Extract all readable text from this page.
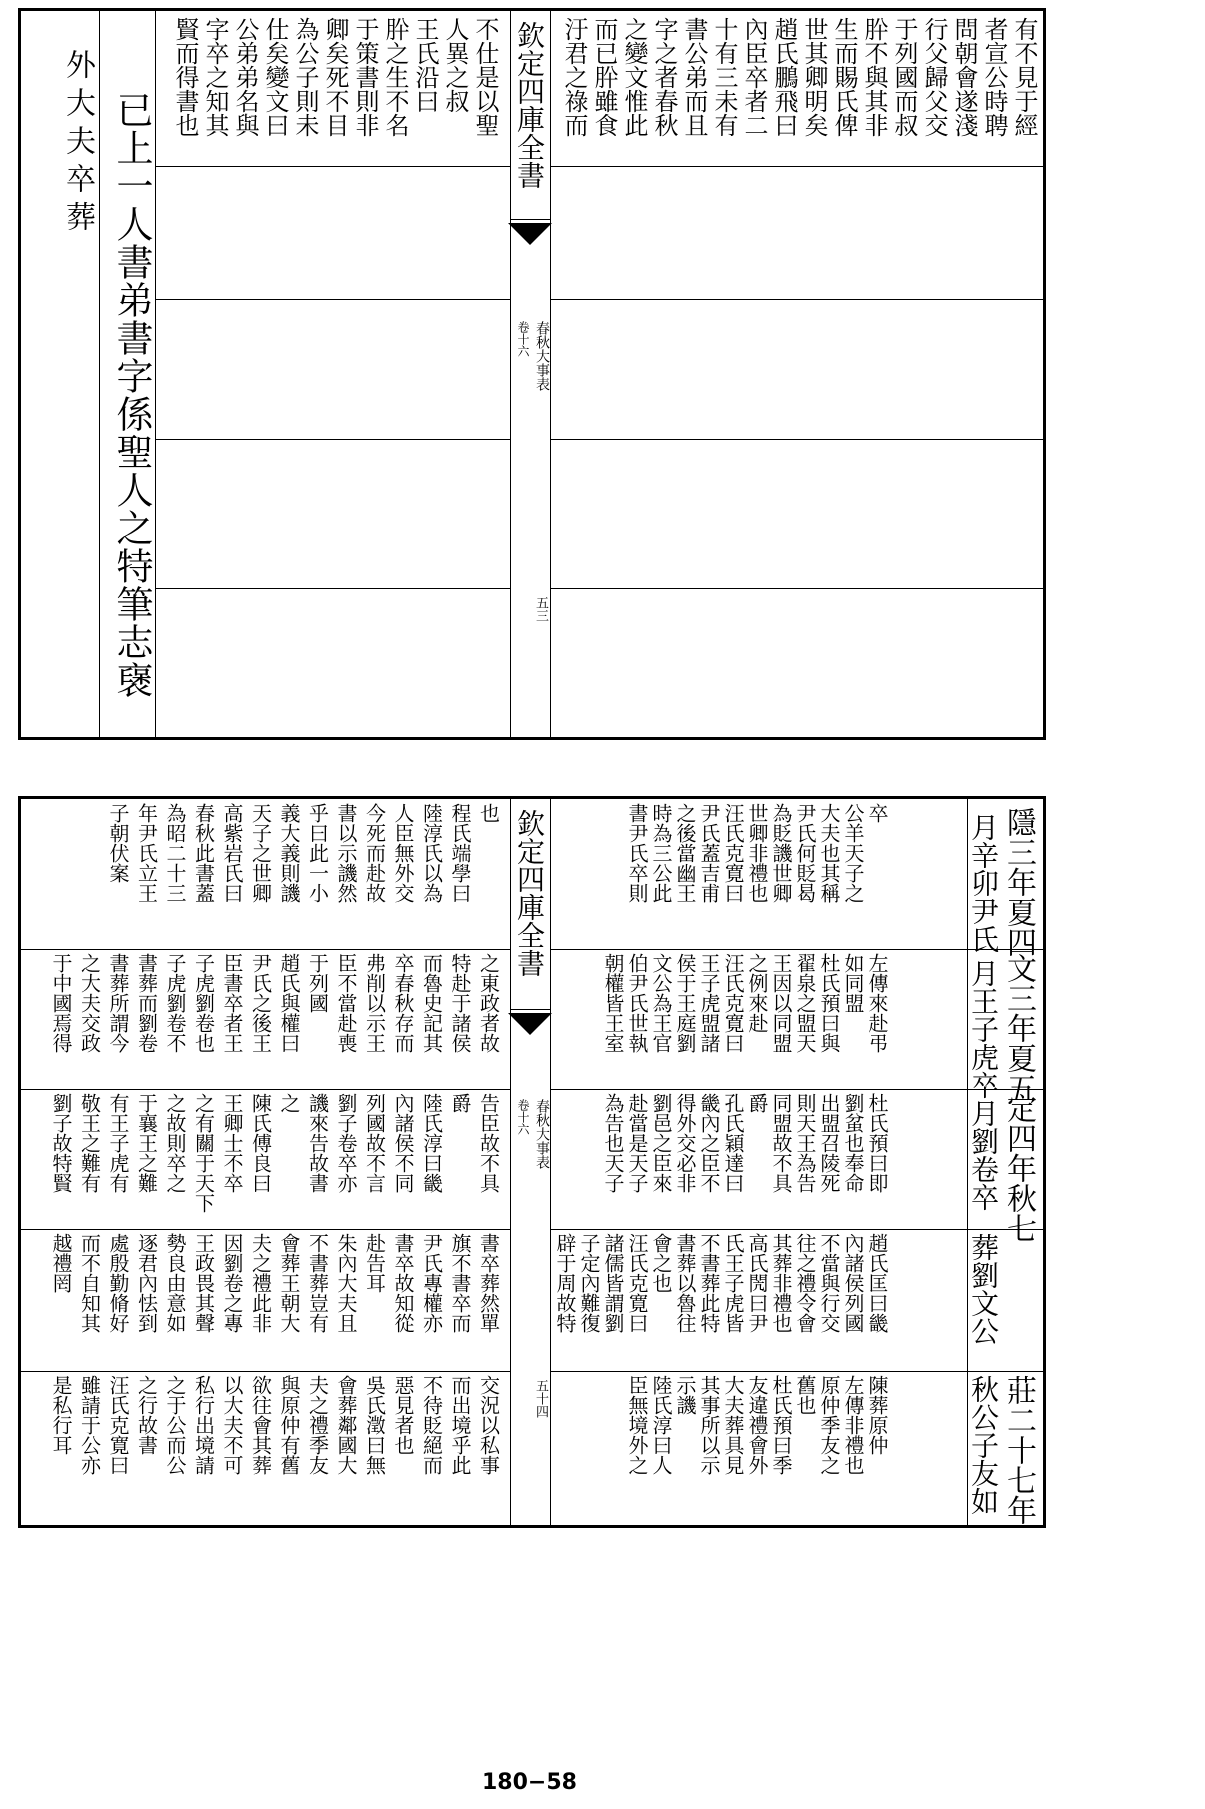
外大夫卒葬 已上一人書弟書字係聖人之特筆志襃
不仕是以聖
人異之叔
王氏沿曰
肸之生不名
于策書則非
卿矣死不目
為公子則未
仕矣變文曰
公弟弟名與
字卒之知其
賢而得書也	欽定四庫全書
春秋大事表
卷十六
五三
有不見于經
者宣公時聘
問朝會遂淺
行父歸父交
于列國而叔
肸不與其非
生而賜氏俾
世其卿明矣
趙氏鵬飛曰
內臣卒者二
十有三未有
書公弟而且
字之者春秋
之變文惟此
而已肸雖食
汙君之祿而
欽定四庫全書
春秋大事表
卷十六
五十四
隱三年夏四
文三年夏五
定四年秋七
莊二十七年
月辛卯尹氏
月王子虎卒
月劉卷卒
葬劉文公
秋公子友如
卒
公羊天子之
大夫也其稱
尹氏何貶曷
為貶譏世卿
世卿非禮也
汪氏克寛曰
尹氏蓋吉甫
之後當幽王
時為三公此
書尹氏卒則
左傳來赴弔
如同盟
杜氏預曰與
翟泉之盟天
王因以同盟
之例來赴
汪氏克寛曰
王子虎盟諸
侯于王庭劉
文公為王官
伯尹氏世執
朝權皆王室
杜氏預曰即
劉蚠也奉命
出盟召陵死
則天王為告
同盟故不具
爵
孔氏穎達曰
畿內之臣不
得外交必非
劉邑之臣來
赴當是天子
為告也天子
趙氏匡曰畿
內諸侯列國
不當與行交
往之禮令會
其葬非禮也
高氏閌曰尹
氏王子虎皆
不書葬此特
書葬以魯往
會之也
汪氏克寛曰
諸儒皆謂劉
子定內難復
辟于周故特
陳葬原仲
左傳非禮也
原仲季友之
舊也
杜氏預曰季
友違禮會外
大夫葬具見
其事所以示
示譏
陸氏淳曰人
臣無境外之
也
程氏端學曰
陸淳氏以為
人臣無外交
今死而赴故
書以示譏然
乎曰此一小
義大義則譏
天子之世卿
高紫岩氏曰
春秋此書蓋
為昭二十三
年尹氏立王
子朝伏案
之東政者故
特赴于諸侯
而魯史記其
卒春秋存而
弗削以示王
臣不當赴喪
于列國
趙氏與權曰
尹氏之後王
臣書卒者王
子虎劉卷也
子虎劉卷不
書葬而劉卷
書葬所謂今
之大夫交政
于中國焉得
告臣故不具
爵
陸氏淳曰畿
內諸侯不同
列國故不言
劉子卷卒亦
譏來告故書
之
陳氏傅良曰
王卿士不卒
之有關于天下
之故則卒之
于襄王之難
有王子虎有
敬王之難有
劉子故特賢
書卒葬然單
旗不書卒而
尹氏專權亦
書卒故知從
赴告耳
朱內大夫且
不書葬豈有
會葬王朝大
夫之禮此非
因劉卷之專
王政畏其聲
勢良由意如
逐君內怯到
處殷勤脩好
而不自知其
越禮罔
交況以私事
而出境乎此
不待貶絕而
惡見者也
吳氏澂曰無
會葬鄰國大
夫之禮季友
與原仲有舊
欲往會其葬
以大夫不可
私行出境請
之于公而公
之行故書
汪氏克寛曰
雖請于公亦
是私行耳
180−58
